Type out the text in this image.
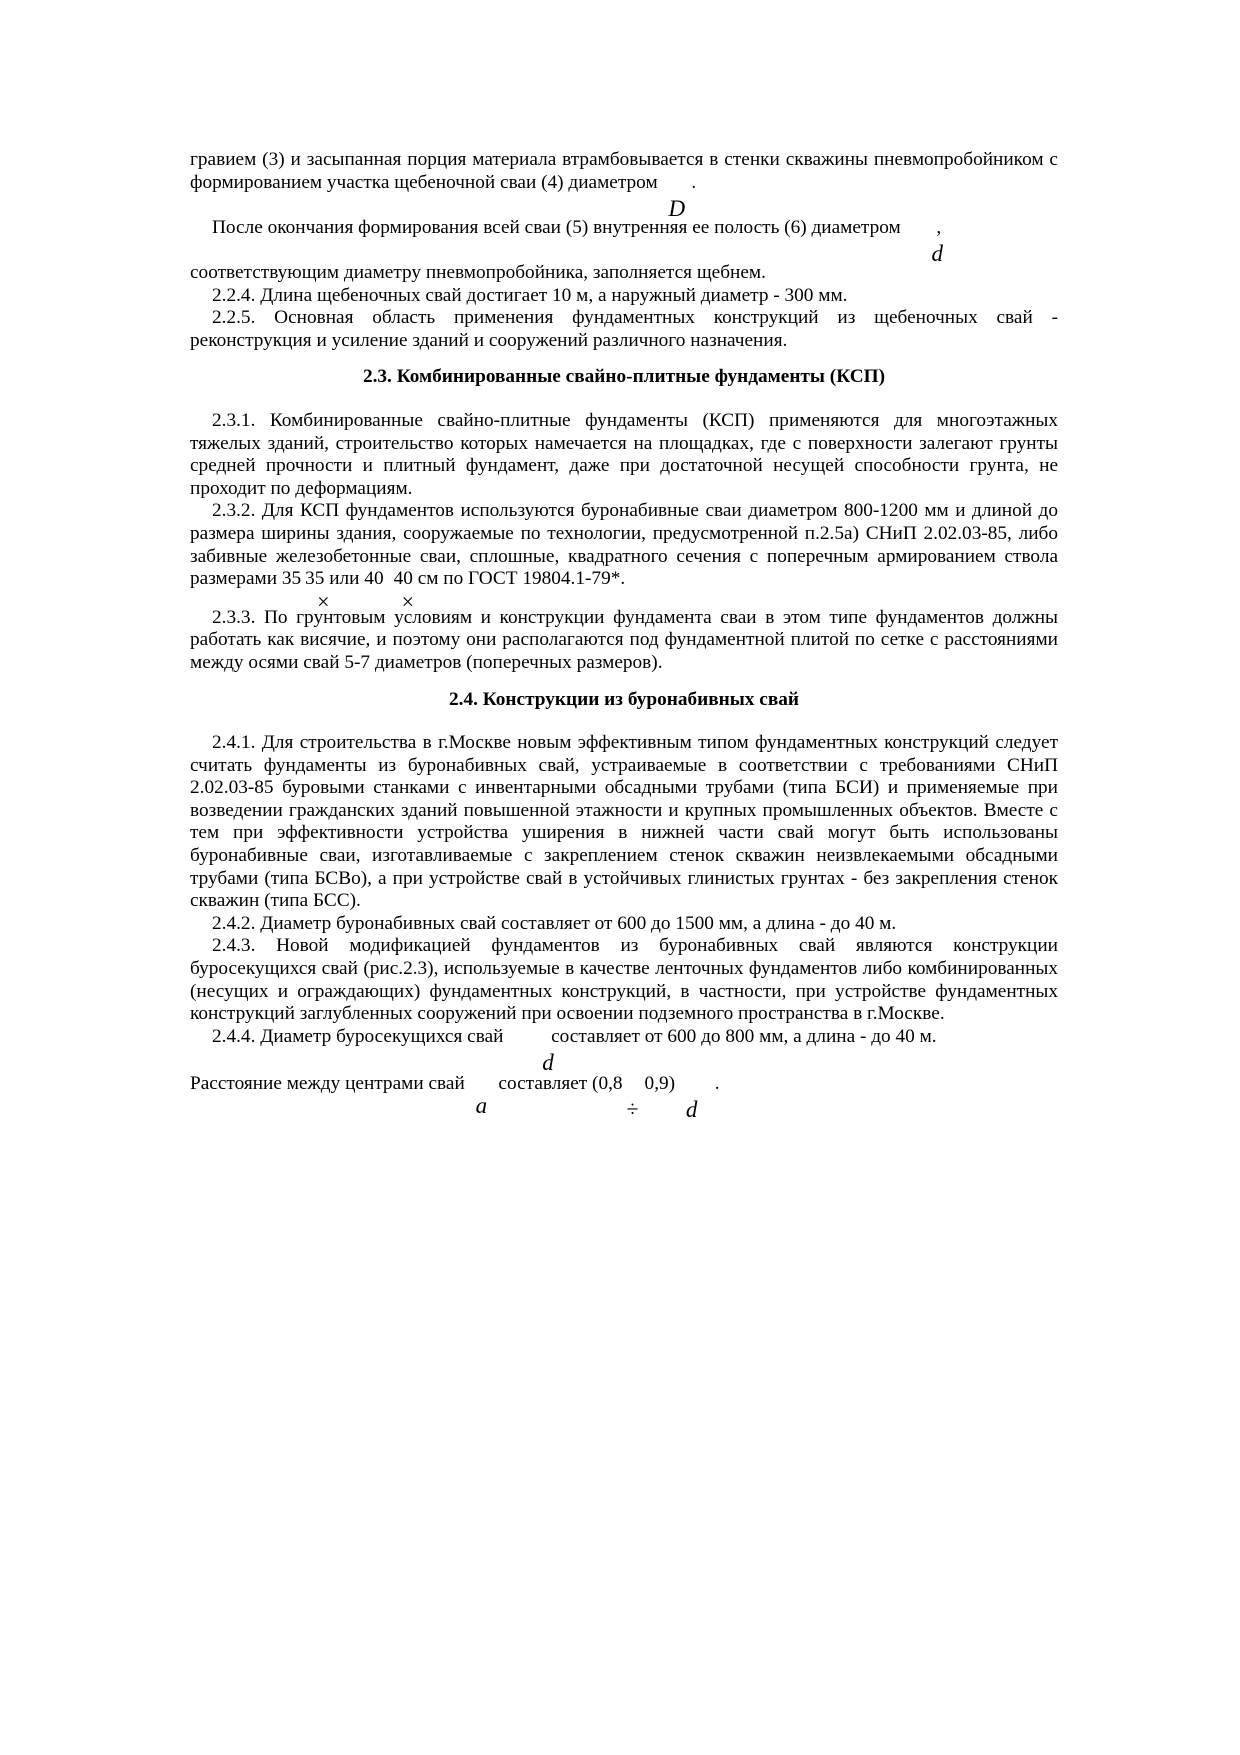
гравием (3) и засыпанная порция материала втрамбовывается в стенки скважины пневмопробойником с формированием участка щебеночной сваи (4) диаметром
D
.

После окончания формирования всей сваи (5) внутренняя ее полость (6) диаметром
d
,

соответствующим диаметру пневмопробойника, заполняется щебнем.

2.2.4. Длина щебеночных свай достигает 10 м, а наружный диаметр - 300 мм.

2.2.5. Основная область применения фундаментных конструкций из щебеночных свай - реконструкция и усиление зданий и сооружений различного назначения.

2.3. Комбинированные свайно-плитные фундаменты (КСП)

2.3.1. Комбинированные свайно-плитные фундаменты (КСП) применяются для многоэтажных тяжелых зданий, строительство которых намечается на площадках, где с поверхности залегают грунты средней прочности и плитный фундамент, даже при достаточной несущей способности грунта, не проходит по деформациям.

2.3.2. Для КСП фундаментов используются буронабивные сваи диаметром 800-1200 мм и длиной до размера ширины здания, сооружаемые по технологии, предусмотренной п.2.5а) СНиП 2.02.03-85, либо забивные железобетонные сваи, сплошные, квадратного сечения с поперечным армированием ствола размерами 35
×
35 или 40
×
40 см по ГОСТ 19804.1-79*.

2.3.3. По грунтовым условиям и конструкции фундамента сваи в этом типе фундаментов должны работать как висячие, и поэтому они располагаются под фундаментной плитой по сетке с расстояниями между осями свай 5-7 диаметров (поперечных размеров).

2.4. Конструкции из буронабивных свай

2.4.1. Для строительства в г.Москве новым эффективным типом фундаментных конструкций следует считать фундаменты из буронабивных свай, устраиваемые в соответствии с требованиями СНиП 2.02.03-85 буровыми станками с инвентарными обсадными трубами (типа БСИ) и применяемые при возведении гражданских зданий повышенной этажности и крупных промышленных объектов. Вместе с тем при эффективности устройства уширения в нижней части свай могут быть использованы буронабивные сваи, изготавливаемые с закреплением стенок скважин неизвлекаемыми обсадными трубами (типа БСВо), а при устройстве свай в устойчивых глинистых грунтах - без закрепления стенок скважин (типа БСС).

2.4.2. Диаметр буронабивных свай составляет от 600 до 1500 мм, а длина - до 40 м.

2.4.3. Новой модификацией фундаментов из буронабивных свай являются конструкции буросекущихся свай (рис.2.3), используемые в качестве ленточных фундаментов либо комбинированных (несущих и ограждающих) фундаментных конструкций, в частности, при устройстве фундаментных конструкций заглубленных сооружений при освоении подземного пространства в г.Москве.

2.4.4. Диаметр буросекущихся свай
d
составляет от 600 до 800 мм, а длина - до 40 м.

Расстояние между центрами свай
a
составляет (0,8
÷
0,9)
d
.
